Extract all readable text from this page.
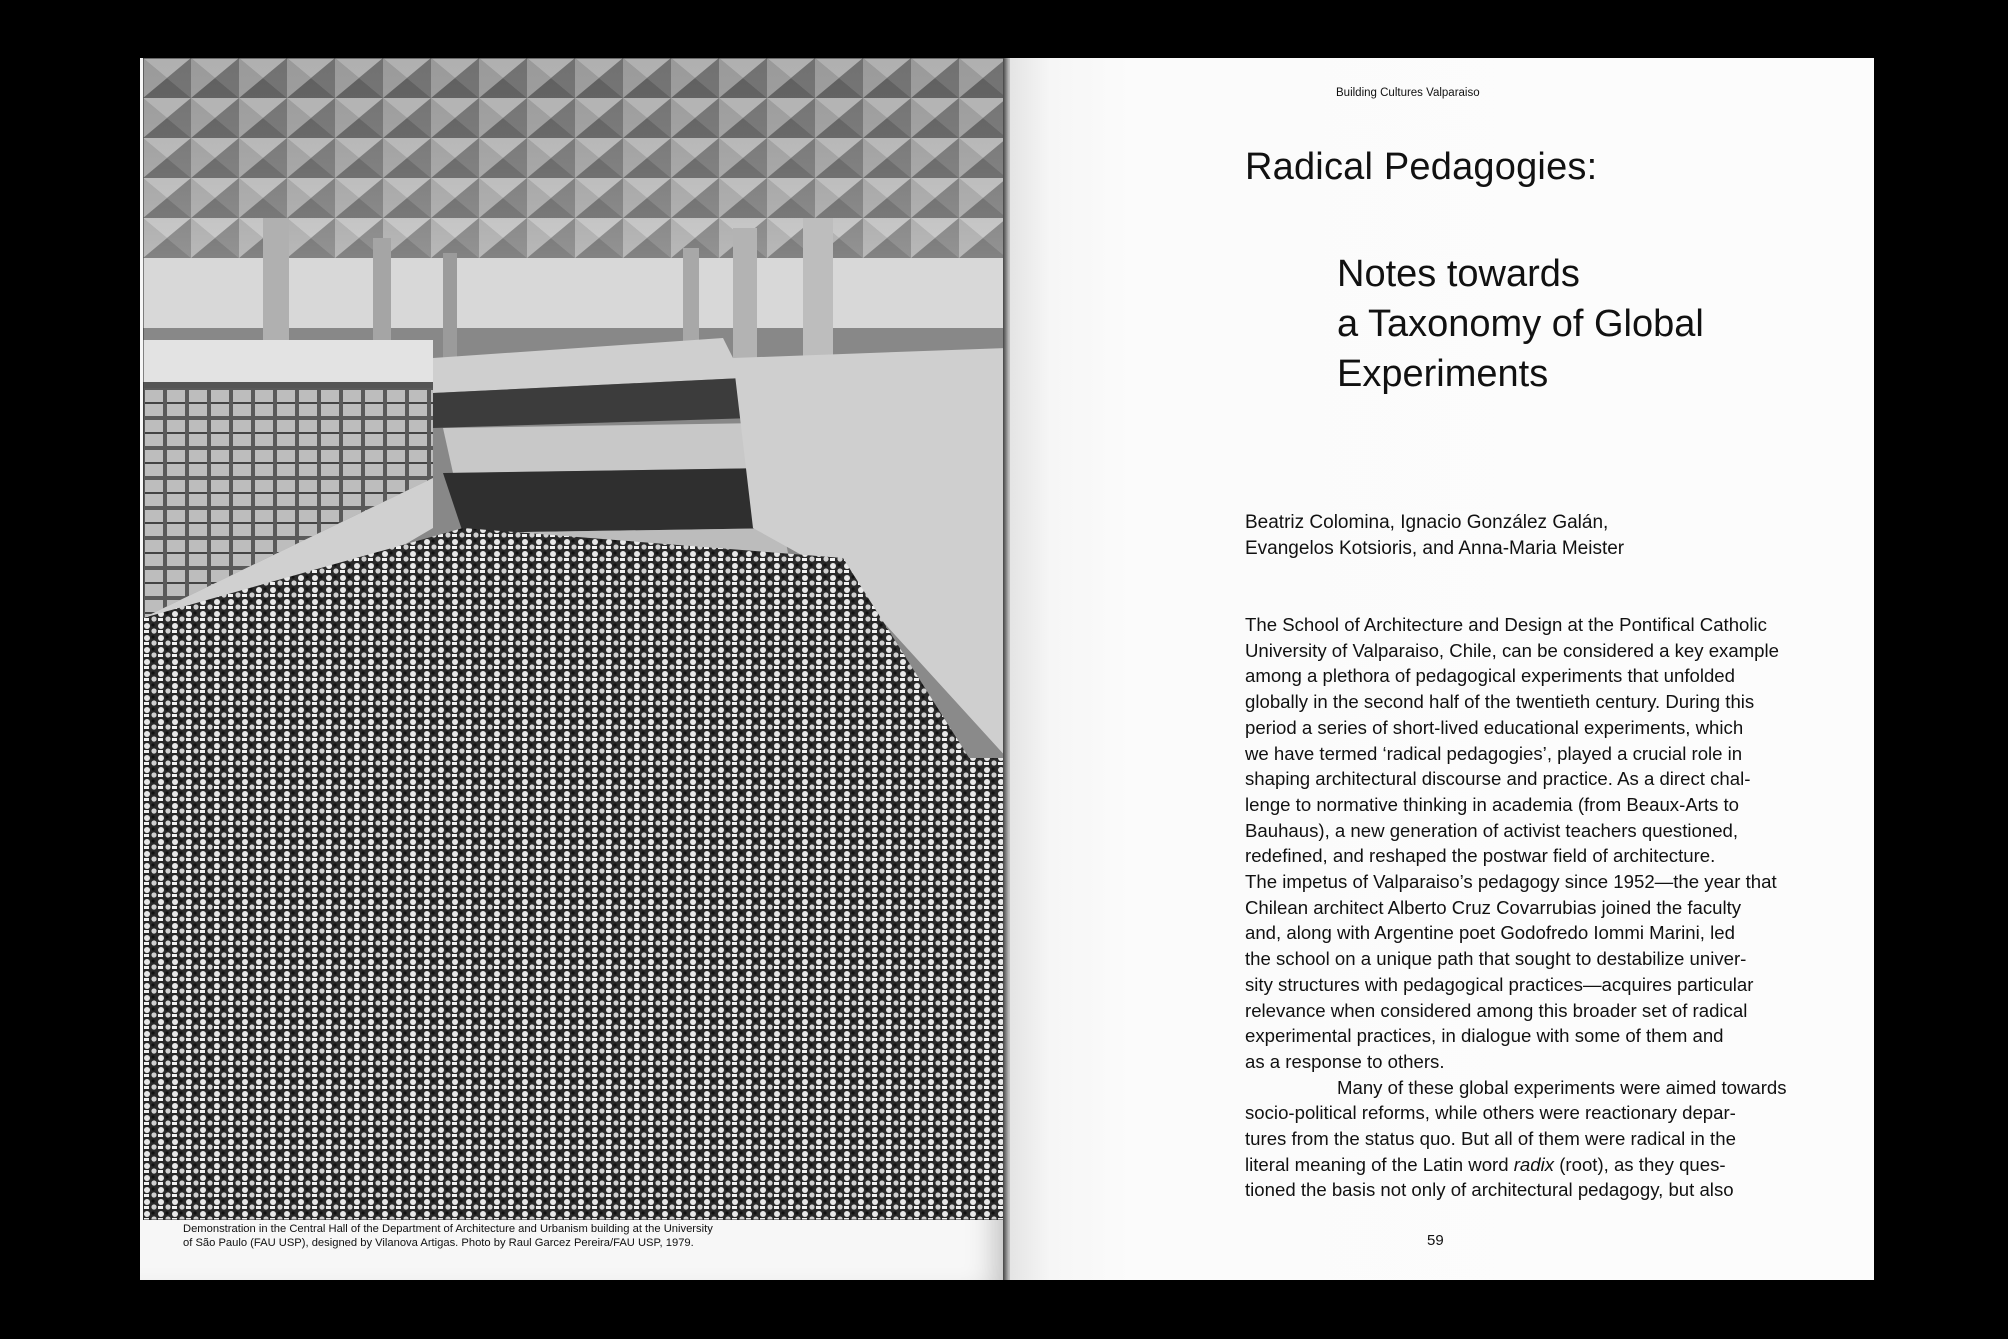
Demonstration in the Central Hall of the Department of Architecture and Urbanism building at the University
of São Paulo (FAU USP), designed by Vilanova Artigas. Photo by Raul Garcez Pereira/FAU USP, 1979.
Building Cultures Valparaiso
Radical Pedagogies:
Notes towards
a Taxonomy of Global
Experiments
Beatriz Colomina, Ignacio González Galán,
Evangelos Kotsioris, and Anna-Maria Meister
The School of Architecture and Design at the Pontifical Catholic
University of Valparaiso, Chile, can be considered a key example
among a plethora of pedagogical experiments that unfolded
globally in the second half of the twentieth century. During this
period a series of short-lived educational experiments, which
we have termed ‘radical pedagogies’, played a crucial role in
shaping architectural discourse and practice. As a direct chal-
lenge to normative thinking in academia (from Beaux-Arts to
Bauhaus), a new generation of activist teachers questioned,
redefined, and reshaped the postwar field of architecture.
The impetus of Valparaiso’s pedagogy since 1952—the year that
Chilean architect Alberto Cruz Covarrubias joined the faculty
and, along with Argentine poet Godofredo Iommi Marini, led
the school on a unique path that sought to destabilize univer-
sity structures with pedagogical practices—acquires particular
relevance when considered among this broader set of radical
experimental practices, in dialogue with some of them and
as a response to others.
Many of these global experiments were aimed towards
socio-political reforms, while others were reactionary depar-
tures from the status quo. But all of them were radical in the
literal meaning of the Latin word radix (root), as they ques-
tioned the basis not only of architectural pedagogy, but also
59
